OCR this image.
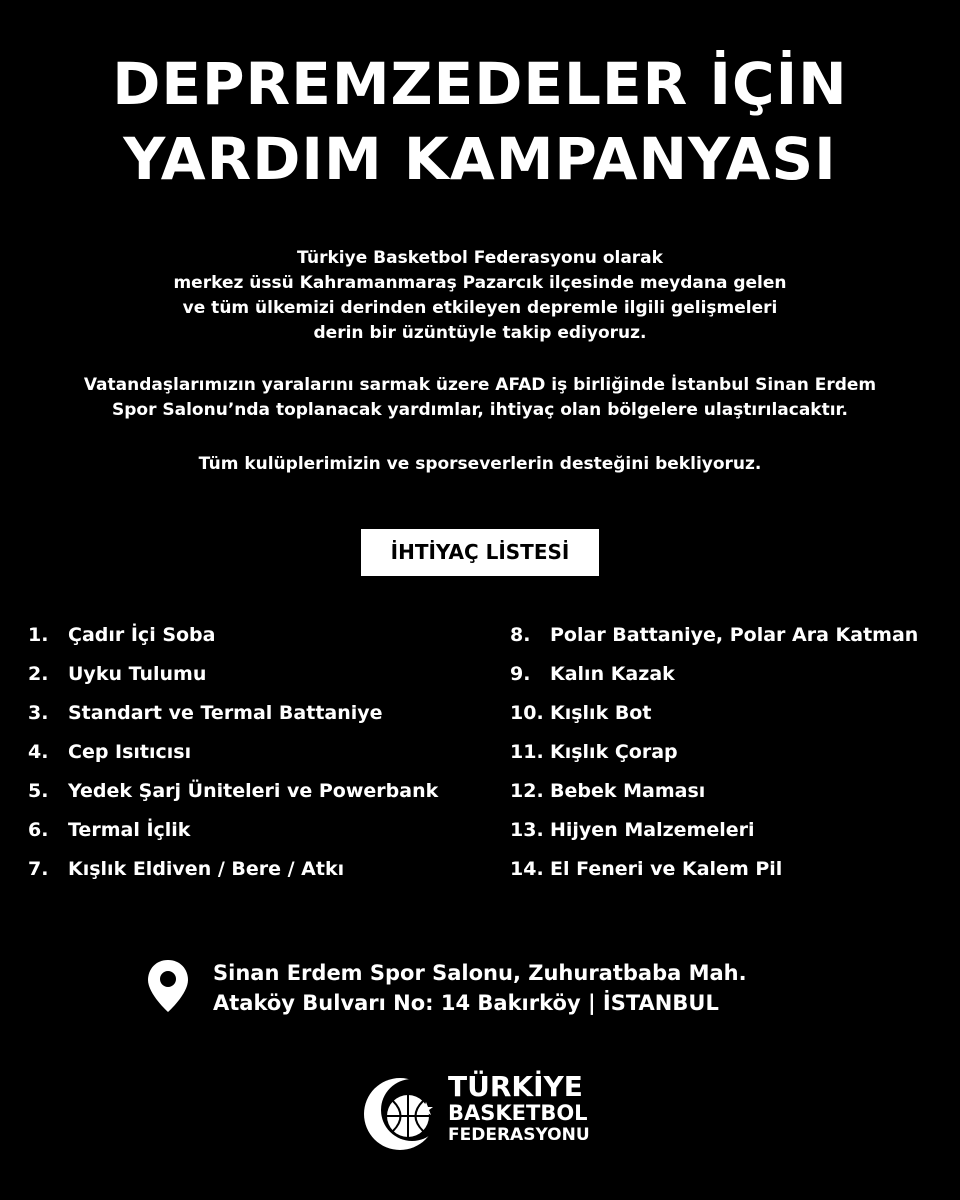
DEPREMZEDELER İÇİN
YARDIM KAMPANYASI
Türkiye Basketbol Federasyonu olarak
merkez üssü Kahramanmaraş Pazarcık ilçesinde meydana gelen
ve tüm ülkemizi derinden etkileyen depremle ilgili gelişmeleri
derin bir üzüntüyle takip ediyoruz.
Vatandaşlarımızın yaralarını sarmak üzere AFAD iş birliğinde İstanbul Sinan Erdem
Spor Salonu’nda toplanacak yardımlar, ihtiyaç olan bölgelere ulaştırılacaktır.
Tüm kulüplerimizin ve sporseverlerin desteğini bekliyoruz.
İHTİYAÇ LİSTESİ
1. Çadır İçi Soba
2. Uyku Tulumu
3. Standart ve Termal Battaniye
4. Cep Isıtıcısı
5. Yedek Şarj Üniteleri ve Powerbank
6. Termal İçlik
7. Kışlık Eldiven / Bere / Atkı
8. Polar Battaniye, Polar Ara Katman
9. Kalın Kazak
10. Kışlık Bot
11. Kışlık Çorap
12. Bebek Maması
13. Hijyen Malzemeleri
14. El Feneri ve Kalem Pil
Sinan Erdem Spor Salonu, Zuhuratbaba Mah.
Ataköy Bulvarı No: 14 Bakırköy | İSTANBUL
TÜRKİYE
BASKETBOL
FEDERASYONU
